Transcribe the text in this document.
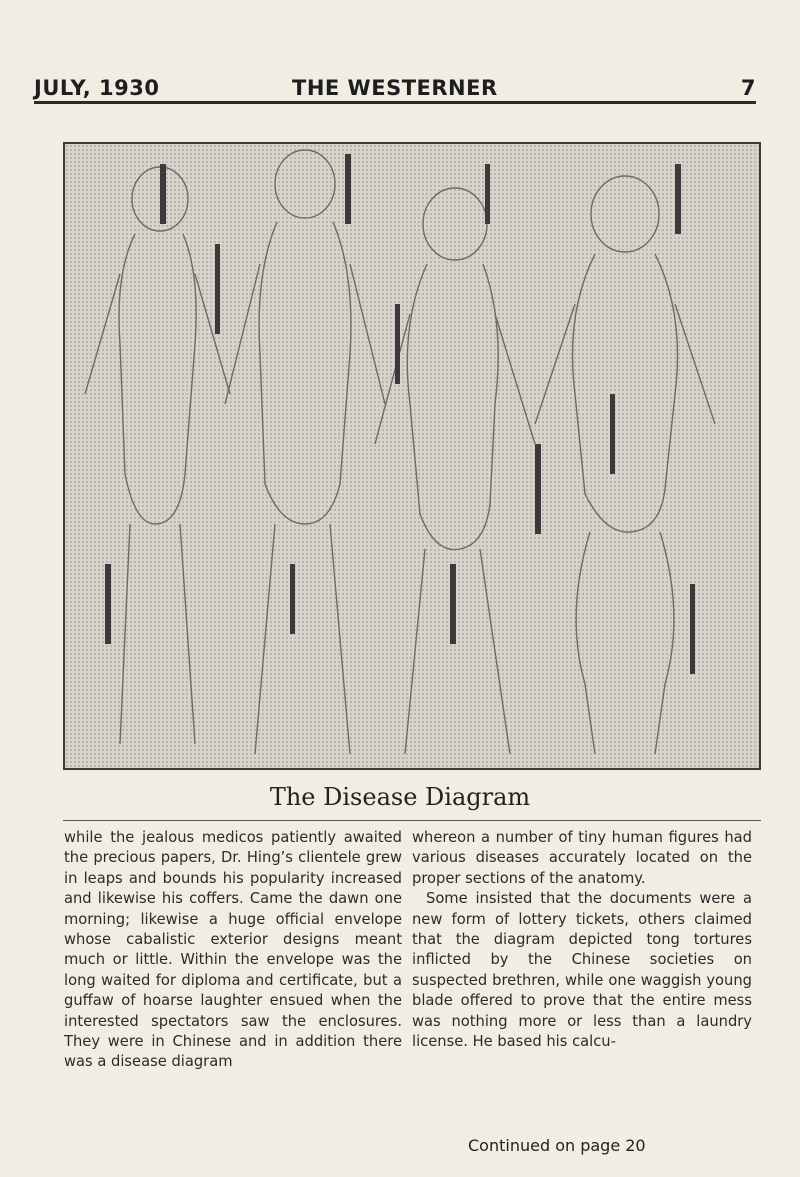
JULY, 1930	THE WESTERNER	7
The Disease Diagram

while the jealous medicos patiently awaited the precious papers, Dr. Hing’s clientele grew in leaps and bounds his popularity increased and likewise his coffers. Came the dawn one morning; likewise a huge official envelope whose cabalistic exterior designs meant much or little. Within the envelope was the long waited for diploma and certificate, but a guffaw of hoarse laughter ensued when the interested spectators saw the enclosures. They were in Chinese and in addition there was a disease diagram

whereon a number of tiny human figures had various diseases accurately located on the proper sections of the anatomy.

Some insisted that the documents were a new form of lottery tickets, others claimed that the diagram depicted tong tortures inflicted by the Chinese societies on suspected brethren, while one waggish young blade offered to prove that the entire mess was nothing more or less than a laundry license. He based his calcu-

Continued on page 20
